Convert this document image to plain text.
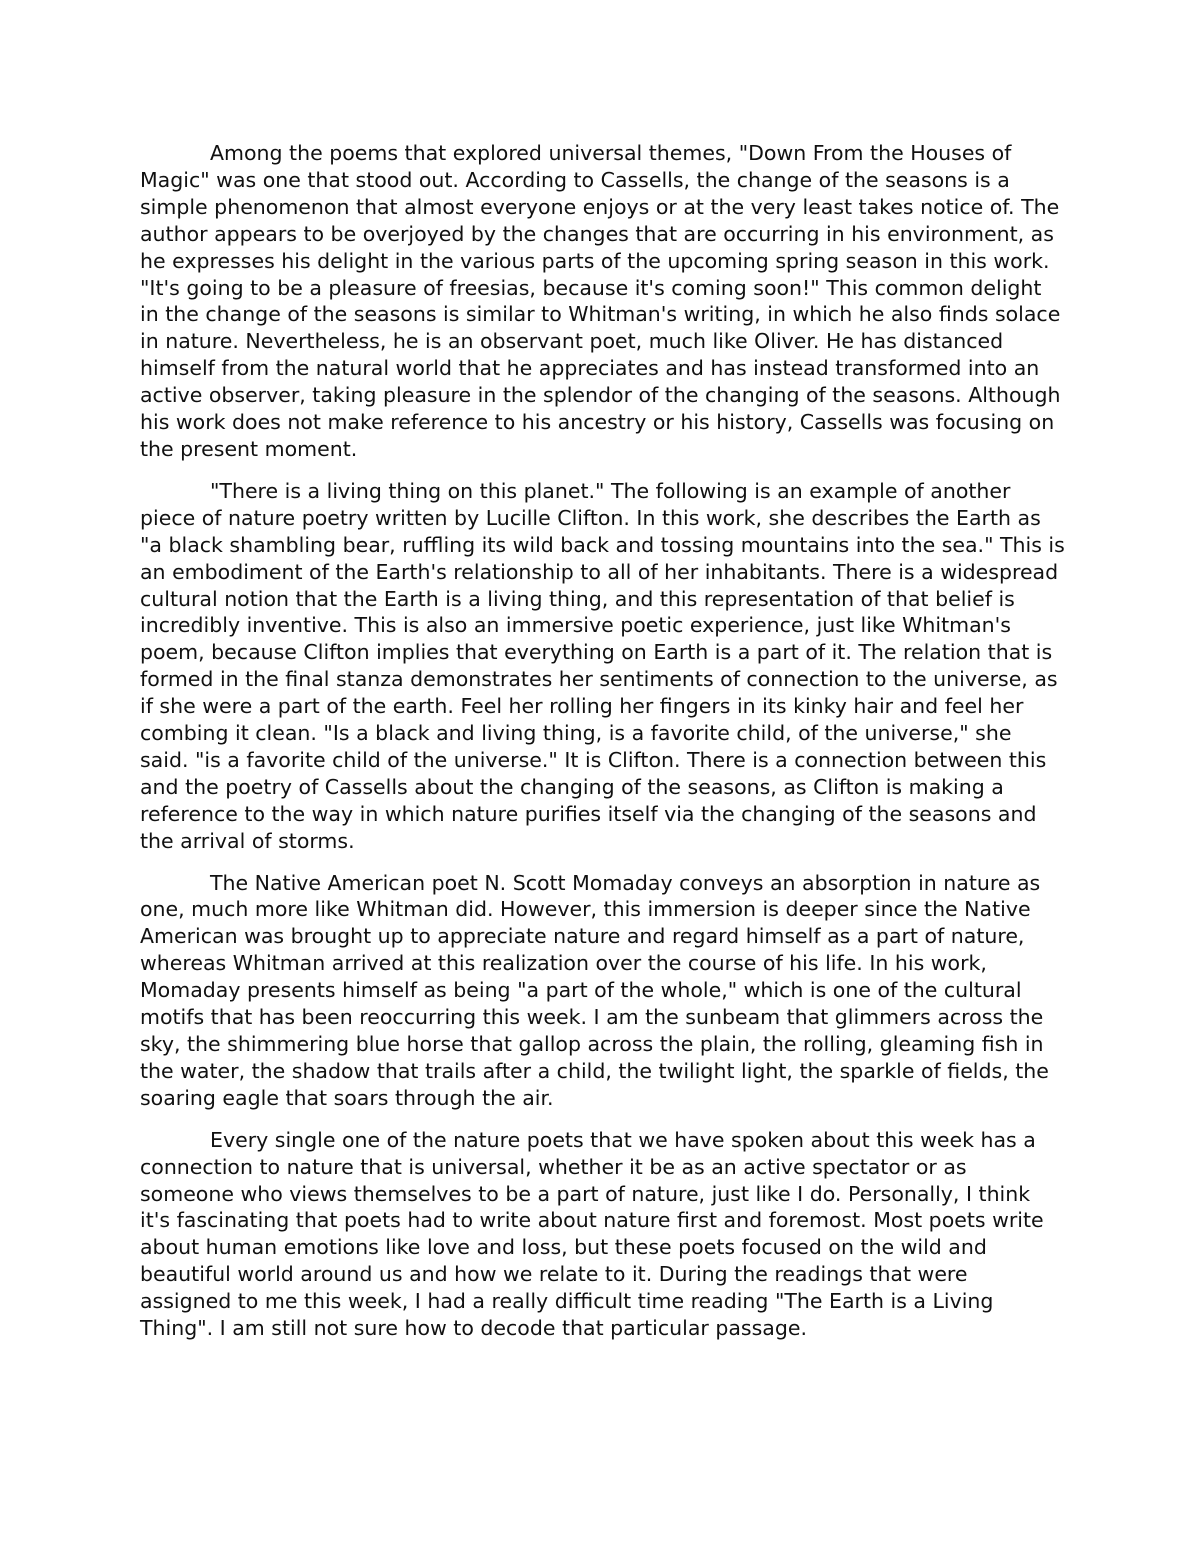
Among the poems that explored universal themes, "Down From the Houses of Magic" was one that stood out. According to Cassells, the change of the seasons is a simple phenomenon that almost everyone enjoys or at the very least takes notice of. The author appears to be overjoyed by the changes that are occurring in his environment, as he expresses his delight in the various parts of the upcoming spring season in this work. "It's going to be a pleasure of freesias, because it's coming soon!" This common delight in the change of the seasons is similar to Whitman's writing, in which he also finds solace in nature. Nevertheless, he is an observant poet, much like Oliver. He has distanced himself from the natural world that he appreciates and has instead transformed into an active observer, taking pleasure in the splendor of the changing of the seasons. Although his work does not make reference to his ancestry or his history, Cassells was focusing on the present moment.

"There is a living thing on this planet." The following is an example of another piece of nature poetry written by Lucille Clifton. In this work, she describes the Earth as "a black shambling bear, ruffling its wild back and tossing mountains into the sea." This is an embodiment of the Earth's relationship to all of her inhabitants. There is a widespread cultural notion that the Earth is a living thing, and this representation of that belief is incredibly inventive. This is also an immersive poetic experience, just like Whitman's poem, because Clifton implies that everything on Earth is a part of it. The relation that is formed in the final stanza demonstrates her sentiments of connection to the universe, as if she were a part of the earth. Feel her rolling her fingers in its kinky hair and feel her combing it clean. "Is a black and living thing, is a favorite child, of the universe," she said. "is a favorite child of the universe." It is Clifton. There is a connection between this and the poetry of Cassells about the changing of the seasons, as Clifton is making a reference to the way in which nature purifies itself via the changing of the seasons and the arrival of storms.

The Native American poet N. Scott Momaday conveys an absorption in nature as one, much more like Whitman did. However, this immersion is deeper since the Native American was brought up to appreciate nature and regard himself as a part of nature, whereas Whitman arrived at this realization over the course of his life. In his work, Momaday presents himself as being "a part of the whole," which is one of the cultural motifs that has been reoccurring this week. I am the sunbeam that glimmers across the sky, the shimmering blue horse that gallop across the plain, the rolling, gleaming fish in the water, the shadow that trails after a child, the twilight light, the sparkle of fields, the soaring eagle that soars through the air.

Every single one of the nature poets that we have spoken about this week has a connection to nature that is universal, whether it be as an active spectator or as someone who views themselves to be a part of nature, just like I do. Personally, I think it's fascinating that poets had to write about nature first and foremost. Most poets write about human emotions like love and loss, but these poets focused on the wild and beautiful world around us and how we relate to it. During the readings that were assigned to me this week, I had a really difficult time reading "The Earth is a Living Thing". I am still not sure how to decode that particular passage.
